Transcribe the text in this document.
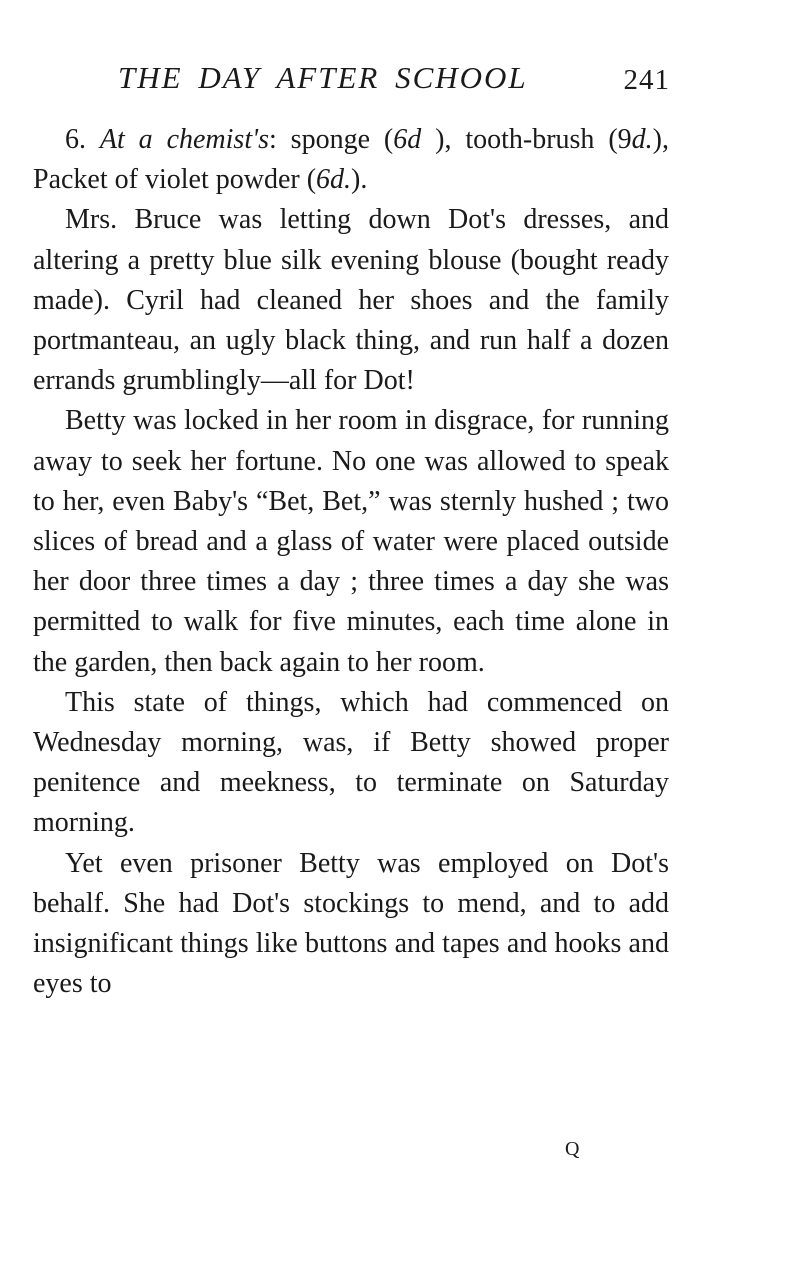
THE DAY AFTER SCHOOL	241

6. At a chemist's: sponge (6d ), tooth-brush (9d.), Packet of violet powder (6d.).

Mrs. Bruce was letting down Dot's dresses, and altering a pretty blue silk evening blouse (bought ready made). Cyril had cleaned her shoes and the family portmanteau, an ugly black thing, and run half a dozen errands grumblingly—all for Dot!

Betty was locked in her room in disgrace, for running away to seek her fortune. No one was allowed to speak to her, even Baby's “Bet, Bet,” was sternly hushed ; two slices of bread and a glass of water were placed outside her door three times a day ; three times a day she was permitted to walk for five minutes, each time alone in the garden, then back again to her room.

This state of things, which had commenced on Wednesday morning, was, if Betty showed proper penitence and meekness, to terminate on Saturday morning.

Yet even prisoner Betty was employed on Dot's behalf. She had Dot's stockings to mend, and to add insignificant things like buttons and tapes and hooks and eyes to

Q
